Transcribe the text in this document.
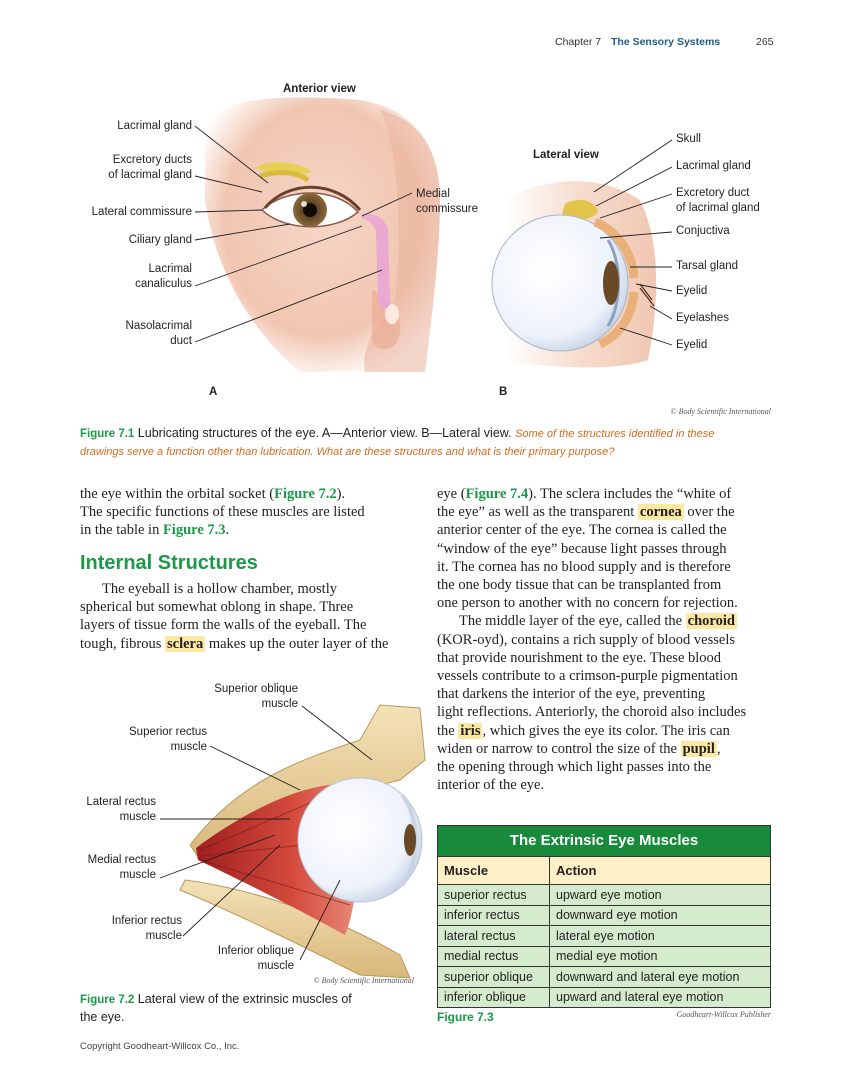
Chapter 7 The Sensory Systems	265
Anterior view
Lateral view
Lacrimal gland
Excretory ducts
of lacrimal gland
Lateral commissure
Ciliary gland
Lacrimal
canaliculus
Nasolacrimal
duct
Medial
commissure
Skull
Lacrimal gland
Excretory duct
of lacrimal gland
Conjuctiva
Tarsal gland
Eyelid
Eyelashes
Eyelid
A	B
© Body Scientific International
Figure 7.1 Lubricating structures of the eye. A—Anterior view. B—Lateral view. Some of the structures identified in these
drawings serve a function other than lubrication. What are these structures and what is their primary purpose?
the eye within the orbital socket (Figure 7.2).
The specific functions of these muscles are listed
in the table in Figure 7.3.
Internal Structures
The eyeball is a hollow chamber, mostly
spherical but somewhat oblong in shape. Three
layers of tissue form the walls of the eyeball. The
tough, fibrous sclera makes up the outer layer of the
eye (Figure 7.4). The sclera includes the “white of
the eye” as well as the transparent cornea over the
anterior center of the eye. The cornea is called the
“window of the eye” because light passes through
it. The cornea has no blood supply and is therefore
the one body tissue that can be transplanted from
one person to another with no concern for rejection.
The middle layer of the eye, called the choroid
(KOR-oyd), contains a rich supply of blood vessels
that provide nourishment to the eye. These blood
vessels contribute to a crimson-purple pigmentation
that darkens the interior of the eye, preventing
light reflections. Anteriorly, the choroid also includes
the iris , which gives the eye its color. The iris can
widen or narrow to control the size of the pupil ,
the opening through which light passes into the
interior of the eye.
Superior oblique
muscle
Superior rectus
muscle
Lateral rectus
muscle
Medial rectus
muscle
Inferior rectus
muscle
Inferior oblique
muscle
© Body Scientific International
Figure 7.2 Lateral view of the extrinsic muscles of
the eye.
The Extrinsic Eye Muscles
Muscle	Action
superior rectus	upward eye motion
inferior rectus	downward eye motion
lateral rectus	lateral eye motion
medial rectus	medial eye motion
superior oblique	downward and lateral eye motion
inferior oblique	upward and lateral eye motion
Figure 7.3	Goodheart-Willcox Publisher
Copyright Goodheart-Willcox Co., Inc.
